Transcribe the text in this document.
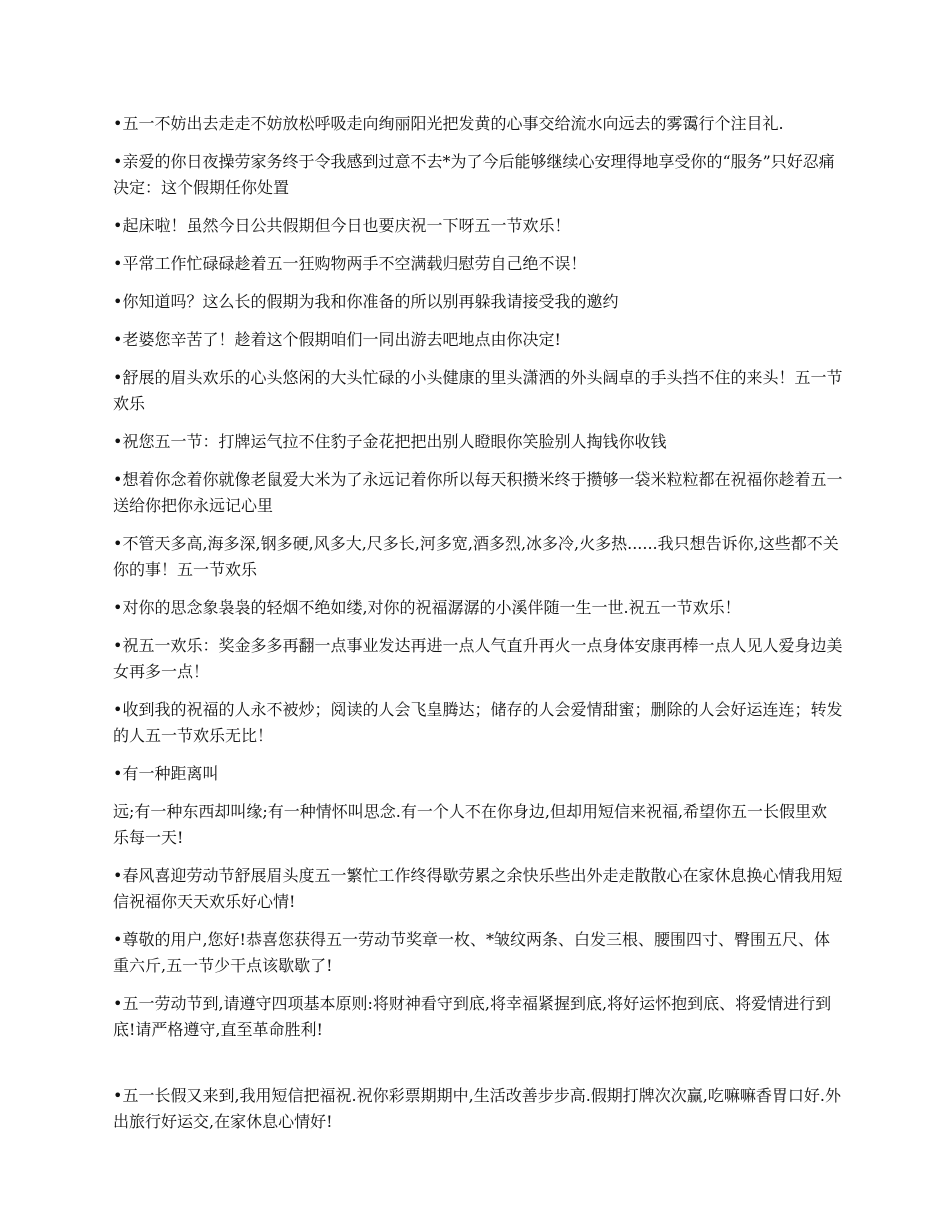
•五一不妨出去走走不妨放松呼吸走向绚丽阳光把发黄的心事交给流水向远去的雾霭行个注目礼.

•亲爱的你日夜操劳家务终于令我感到过意不去*为了今后能够继续心安理得地享受你的“服务”只好忍痛决定：这个假期任你处置

•起床啦！虽然今日公共假期但今日也要庆祝一下呀五一节欢乐！

•平常工作忙碌碌趁着五一狂购物两手不空满载归慰劳自己绝不误！

•你知道吗？这么长的假期为我和你准备的所以别再躲我请接受我的邀约

•老婆您辛苦了！趁着这个假期咱们一同出游去吧地点由你决定!

•舒展的眉头欢乐的心头悠闲的大头忙碌的小头健康的里头潇洒的外头阔卓的手头挡不住的来头！五一节欢乐

•祝您五一节：打牌运气拉不住豹子金花把把出别人瞪眼你笑脸别人掏钱你收钱

•想着你念着你就像老鼠爱大米为了永远记着你所以每天积攒米终于攒够一袋米粒粒都在祝福你趁着五一送给你把你永远记心里

•不管天多高,海多深,钢多硬,风多大,尺多长,河多宽,酒多烈,冰多冷,火多热......我只想告诉你,这些都不关你的事！五一节欢乐

•对你的思念象袅袅的轻烟不绝如缕,对你的祝福潺潺的小溪伴随一生一世.祝五一节欢乐！

•祝五一欢乐：奖金多多再翻一点事业发达再进一点人气直升再火一点身体安康再棒一点人见人爱身边美女再多一点！

•收到我的祝福的人永不被炒；阅读的人会飞皇腾达；储存的人会爱情甜蜜；删除的人会好运连连；转发的人五一节欢乐无比！

•有一种距离叫

远;有一种东西却叫缘;有一种情怀叫思念.有一个人不在你身边,但却用短信来祝福,希望你五一长假里欢乐每一天!

•春风喜迎劳动节舒展眉头度五一繁忙工作终得歇劳累之余快乐些出外走走散散心在家休息换心情我用短信祝福你天天欢乐好心情!

•尊敬的用户,您好!恭喜您获得五一劳动节奖章一枚、*皱纹两条、白发三根、腰围四寸、臀围五尺、体重六斤,五一节少干点该歇歇了!

•五一劳动节到,请遵守四项基本原则:将财神看守到底,将幸福紧握到底,将好运怀抱到底、将爱情进行到底!请严格遵守,直至革命胜利!

•五一长假又来到,我用短信把福祝.祝你彩票期期中,生活改善步步高.假期打牌次次赢,吃嘛嘛香胃口好.外出旅行好运交,在家休息心情好!
